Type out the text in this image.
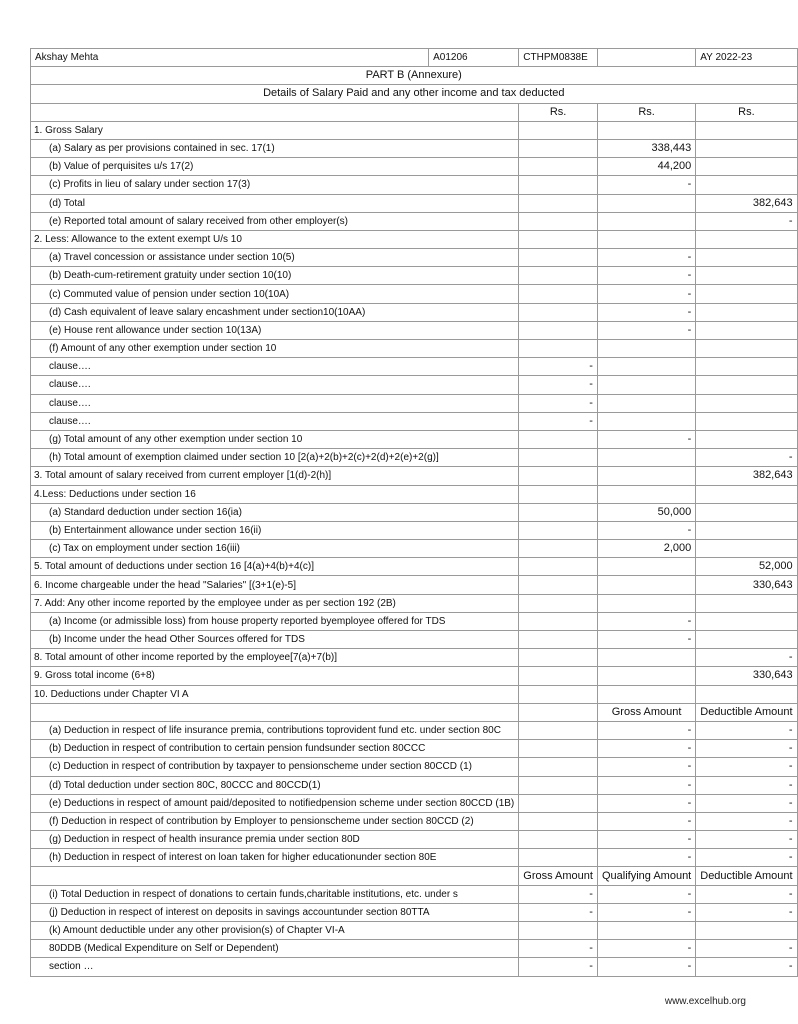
Akshay Mehta	A01206	CTHPM0838E		AY 2022-23
PART B (Annexure)				
Details of Salary Paid and any other income and tax deducted				
		Rs.	Rs.	Rs.
1. Gross Salary				
(a) Salary as per provisions contained in sec. 17(1)			338,443	
(b) Value of perquisites u/s 17(2)			44,200	
(c) Profits in lieu of salary under section 17(3)			-	
(d) Total				382,643
(e) Reported total amount of salary received from other employer(s)				-
2. Less: Allowance to the extent exempt U/s 10				
(a) Travel concession or assistance under section 10(5)			-	
(b) Death-cum-retirement gratuity under section 10(10)			-	
(c) Commuted value of pension under section 10(10A)			-	
(d) Cash equivalent of leave salary encashment under section10(10AA)			-	
(e) House rent allowance under section 10(13A)			-	
(f) Amount of any other exemption under section 10				
clause….		-		
clause….		-		
clause….		-		
clause….		-		
(g) Total amount of any other exemption under section 10			-	
(h) Total amount of exemption claimed under section 10 [2(a)+2(b)+2(c)+2(d)+2(e)+2(g)]				-
3. Total amount of salary received from current employer [1(d)-2(h)]				382,643
4.Less: Deductions under section 16				
(a) Standard deduction under section 16(ia)			50,000	
(b) Entertainment allowance under section 16(ii)			-	
(c) Tax on employment under section 16(iii)			2,000	
5. Total amount of deductions under section 16 [4(a)+4(b)+4(c)]				52,000
6. Income chargeable under the head "Salaries" [(3+1(e)-5]				330,643
7. Add: Any other income reported by the employee under as per section 192 (2B)				
(a) Income (or admissible loss) from house property reported byemployee offered for TDS			-	
(b) Income under the head Other Sources offered for TDS			-	
8. Total amount of other income reported by the employee[7(a)+7(b)]				-
9. Gross total income (6+8)				330,643
10. Deductions under Chapter VI A				
			Gross Amount	Deductible Amount
(a) Deduction in respect of life insurance premia, contributions toprovident fund etc. under section 80C			-	-
(b) Deduction in respect of contribution to certain pension fundsunder section 80CCC			-	-
(c) Deduction in respect of contribution by taxpayer to pensionscheme under section 80CCD (1)			-	-
(d) Total deduction under section 80C, 80CCC and 80CCD(1)			-	-
(e) Deductions in respect of amount paid/deposited to notifiedpension scheme under section 80CCD (1B)			-	-
(f) Deduction in respect of contribution by Employer to pensionscheme under section 80CCD (2)			-	-
(g) Deduction in respect of health insurance premia under section 80D			-	-
(h) Deduction in respect of interest on loan taken for higher educationunder section 80E			-	-
		Gross Amount	Qualifying Amount	Deductible Amount
(i) Total Deduction in respect of donations to certain funds,charitable institutions, etc. under s		-	-	-
(j) Deduction in respect of interest on deposits in savings accountunder section 80TTA		-	-	-
(k) Amount deductible under any other provision(s) of Chapter VI-A				
80DDB (Medical Expenditure on Self or Dependent)		-	-	-
section …		-	-	-
www.excelhub.org
